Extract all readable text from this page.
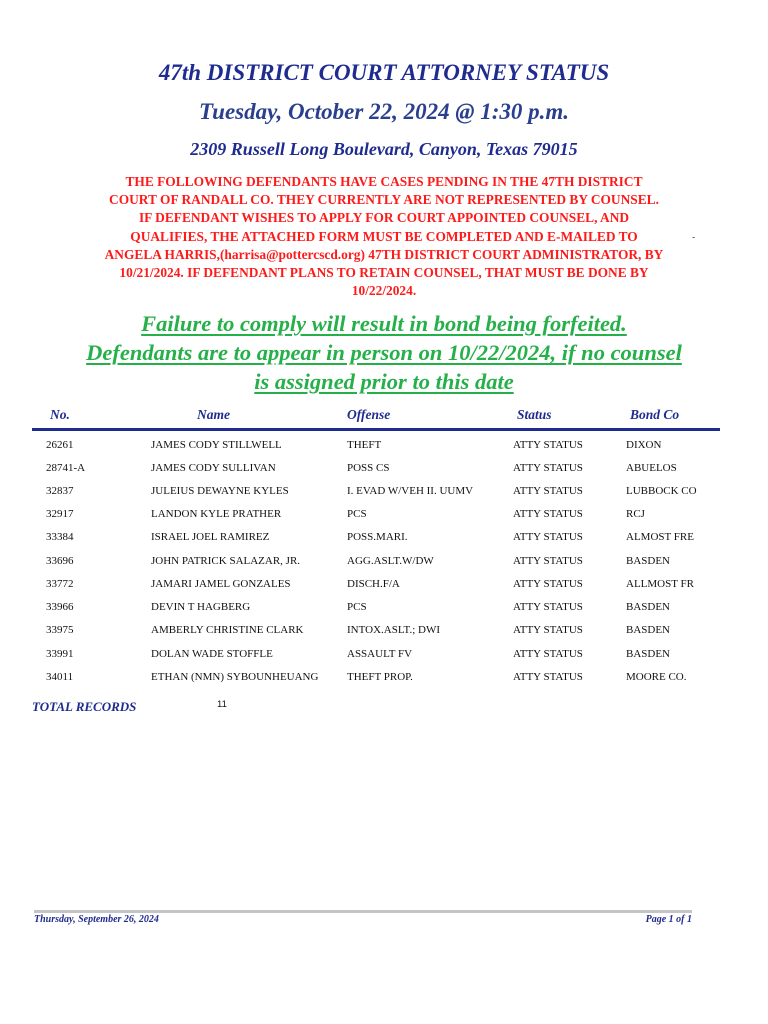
47th DISTRICT COURT ATTORNEY STATUS
Tuesday, October 22, 2024 @ 1:30 p.m.
2309 Russell Long Boulevard, Canyon, Texas 79015
THE FOLLOWING DEFENDANTS HAVE CASES PENDING IN THE 47TH DISTRICT
COURT OF RANDALL CO. THEY CURRENTLY ARE NOT REPRESENTED BY COUNSEL.
IF DEFENDANT WISHES TO APPLY FOR COURT APPOINTED COUNSEL, AND
QUALIFIES, THE ATTACHED FORM MUST BE COMPLETED AND E-MAILED TO
ANGELA HARRIS,(harrisa@pottercscd.org) 47TH DISTRICT COURT ADMINISTRATOR, BY
10/21/2024. IF DEFENDANT PLANS TO RETAIN COUNSEL, THAT MUST BE DONE BY
10/22/2024.
-
Failure to comply will result in bond being forfeited.
Defendants are to appear in person on 10/22/2024, if no counsel
is assigned prior to this date
No.	Name	Offense	Status	Bond Co
26261	JAMES CODY STILLWELL	THEFT	ATTY STATUS	DIXON
28741-A	JAMES CODY SULLIVAN	POSS CS	ATTY STATUS	ABUELOS
32837	JULEIUS DEWAYNE KYLES	I. EVAD W/VEH II. UUMV	ATTY STATUS	LUBBOCK CO
32917	LANDON KYLE PRATHER	PCS	ATTY STATUS	RCJ
33384	ISRAEL JOEL RAMIREZ	POSS.MARI.	ATTY STATUS	ALMOST FRE
33696	JOHN PATRICK SALAZAR, JR.	AGG.ASLT.W/DW	ATTY STATUS	BASDEN
33772	JAMARI JAMEL GONZALES	DISCH.F/A	ATTY STATUS	ALLMOST FR
33966	DEVIN T HAGBERG	PCS	ATTY STATUS	BASDEN
33975	AMBERLY CHRISTINE CLARK	INTOX.ASLT.; DWI	ATTY STATUS	BASDEN
33991	DOLAN WADE STOFFLE	ASSAULT FV	ATTY STATUS	BASDEN
34011	ETHAN (NMN) SYBOUNHEUANG	THEFT PROP.	ATTY STATUS	MOORE CO.
TOTAL RECORDS	11
Thursday, September 26, 2024	Page 1 of 1
